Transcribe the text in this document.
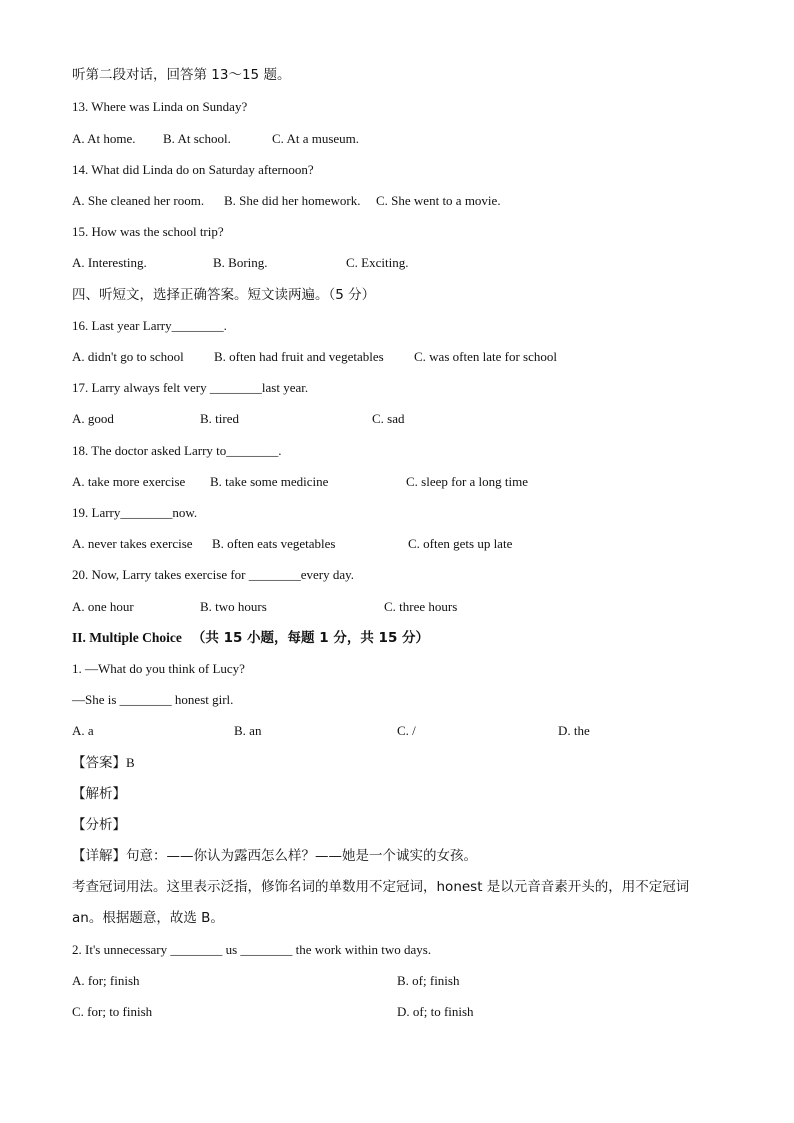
听第二段对话，回答第 13～15 题。
13. Where was Linda on Sunday?
A. At home. B. At school.	C. At a museum.
14. What did Linda do on Saturday afternoon?
A. She cleaned her room. B. She did her homework. C. She went to a movie.
15. How was the school trip?
A. Interesting.	B. Boring.	C. Exciting.
四、听短文，选择正确答案。短文读两遍。（5 分）
16. Last year Larry________.
A. didn't go to school B. often had fruit and vegetables C. was often late for school
17. Larry always felt very ________last year.
A. good	B. tired	C. sad
18. The doctor asked Larry to________.
A. take more exercise B. take some medicine	C. sleep for a long time
19. Larry________now.
A. never takes exercise B. often eats vegetables	C. often gets up late
20. Now, Larry takes exercise for ________every day.
A. one hour	B. two hours	C. three hours
II. Multiple Choice （共 15 小题，每题 1 分，共 15 分）
1. —What do you think of Lucy?
—She is ________ honest girl.
A. a	B. an	C. /	D. the
【答案】B
【解析】
【分析】
【详解】句意：——你认为露西怎么样？——她是一个诚实的女孩。
考查冠词用法。这里表示泛指，修饰名词的单数用不定冠词，honest 是以元音音素开头的，用不定冠词
an。根据题意，故选 B。
2. It's unnecessary ________ us ________ the work within two days.
A. for; finish	B. of; finish
C. for; to finish	D. of; to finish
